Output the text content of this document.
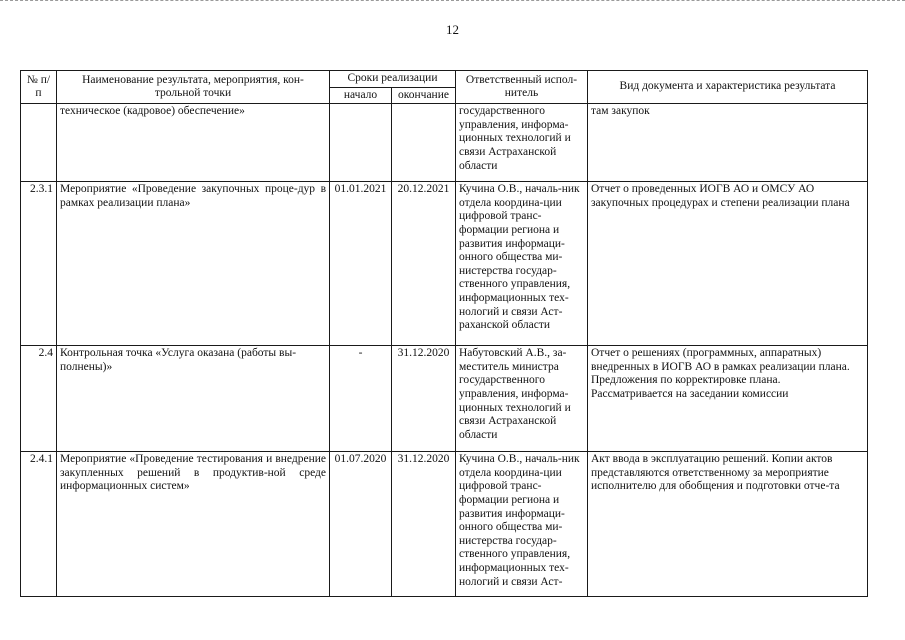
12
№ п/п	Наименование результата, мероприятия, кон-трольной точки	Сроки реализации		Ответственный испол-нитель	Вид документа и характеристика результата
		начало	окончание		
	техническое (кадровое) обеспечение»			государственного управления, информа-ционных технологий и связи Астраханской области	там закупок
2.3.1	Мероприятие «Проведение закупочных проце-дур в рамках реализации плана»	01.01.2021	20.12.2021	Кучина О.В., началь-ник отдела координа-ции цифровой транс-формации региона и развития информаци-онного общества ми-нистерства государ-ственного управления, информационных тех-нологий и связи Аст-раханской области	Отчет о проведенных ИОГВ АО и ОМСУ АО закупочных процедурах и степени реализации плана
2.4	Контрольная точка «Услуга оказана (работы вы-полнены)»	-	31.12.2020	Набутовский А.В., за-меститель министра государственного управления, информа-ционных технологий и связи Астраханской области	Отчет о решениях (программных, аппаратных) внедренных в ИОГВ АО в рамках реализации плана. Предложения по корректировке плана. Рассматривается на заседании комиссии
2.4.1	Мероприятие «Проведение тестирования и внедрение закупленных решений в продуктив-ной среде информационных систем»	01.07.2020	31.12.2020	Кучина О.В., началь-ник отдела координа-ции цифровой транс-формации региона и развития информаци-онного общества ми-нистерства государ-ственного управления, информационных тех-нологий и связи Аст-	Акт ввода в эксплуатацию решений. Копии актов представляются ответственному за мероприятие исполнителю для обобщения и подготовки отче-та
